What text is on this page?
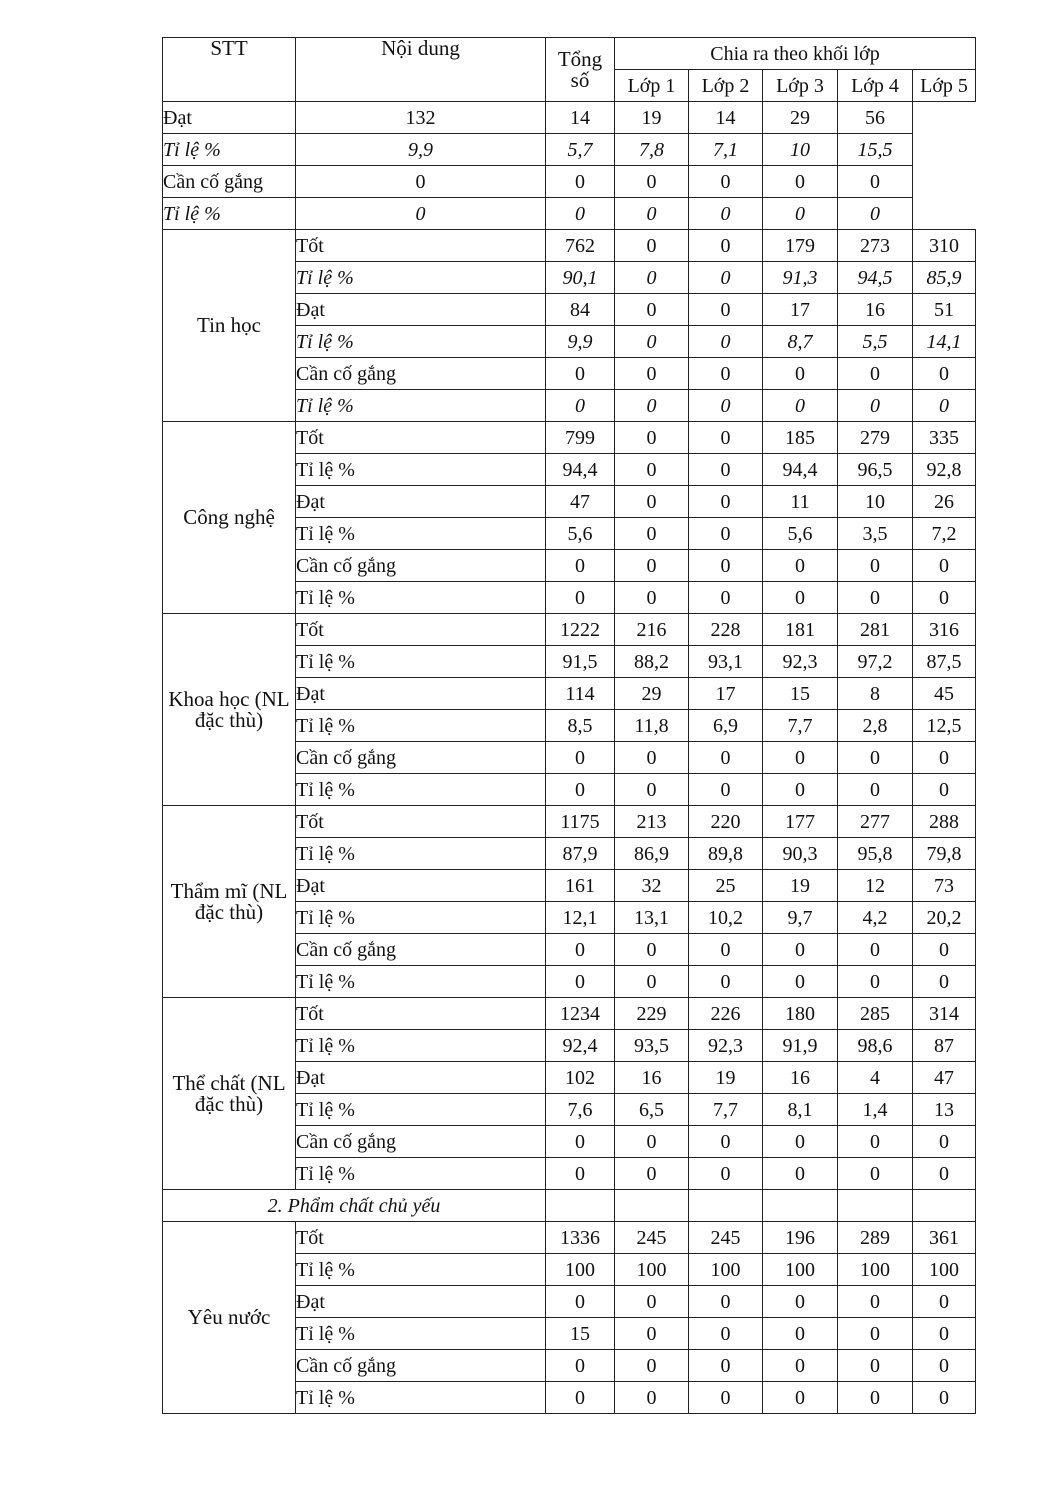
STT	Nội dung	Tổng số	Chia ra theo khối lớp				
			Lớp 1	Lớp 2	Lớp 3	Lớp 4	Lớp 5
Đạt	132	14	19	14	29	56	
Tỉ lệ %	9,9	5,7	7,8	7,1	10	15,5	
Cần cố gắng	0	0	0	0	0	0	
Tỉ lệ %	0	0	0	0	0	0	
Tin học	Tốt	762	0	0	179	273	310
	Tỉ lệ %	90,1	0	0	91,3	94,5	85,9
	Đạt	84	0	0	17	16	51
	Tỉ lệ %	9,9	0	0	8,7	5,5	14,1
	Cần cố gắng	0	0	0	0	0	0
	Tỉ lệ %	0	0	0	0	0	0
Công nghệ	Tốt	799	0	0	185	279	335
	Tỉ lệ %	94,4	0	0	94,4	96,5	92,8
	Đạt	47	0	0	11	10	26
	Tỉ lệ %	5,6	0	0	5,6	3,5	7,2
	Cần cố gắng	0	0	0	0	0	0
	Tỉ lệ %	0	0	0	0	0	0
Khoa học (NL đặc thù)	Tốt	1222	216	228	181	281	316
	Tỉ lệ %	91,5	88,2	93,1	92,3	97,2	87,5
	Đạt	114	29	17	15	8	45
	Tỉ lệ %	8,5	11,8	6,9	7,7	2,8	12,5
	Cần cố gắng	0	0	0	0	0	0
	Tỉ lệ %	0	0	0	0	0	0
Thẩm mĩ (NL đặc thù)	Tốt	1175	213	220	177	277	288
	Tỉ lệ %	87,9	86,9	89,8	90,3	95,8	79,8
	Đạt	161	32	25	19	12	73
	Tỉ lệ %	12,1	13,1	10,2	9,7	4,2	20,2
	Cần cố gắng	0	0	0	0	0	0
	Tỉ lệ %	0	0	0	0	0	0
Thể chất (NL đặc thù)	Tốt	1234	229	226	180	285	314
	Tỉ lệ %	92,4	93,5	92,3	91,9	98,6	87
	Đạt	102	16	19	16	4	47
	Tỉ lệ %	7,6	6,5	7,7	8,1	1,4	13
	Cần cố gắng	0	0	0	0	0	0
	Tỉ lệ %	0	0	0	0	0	0
2. Phẩm chất chủ yếu							
Yêu nước	Tốt	1336	245	245	196	289	361
	Tỉ lệ %	100	100	100	100	100	100
	Đạt	0	0	0	0	0	0
	Tỉ lệ %	15	0	0	0	0	0
	Cần cố gắng	0	0	0	0	0	0
	Tỉ lệ %	0	0	0	0	0	0
